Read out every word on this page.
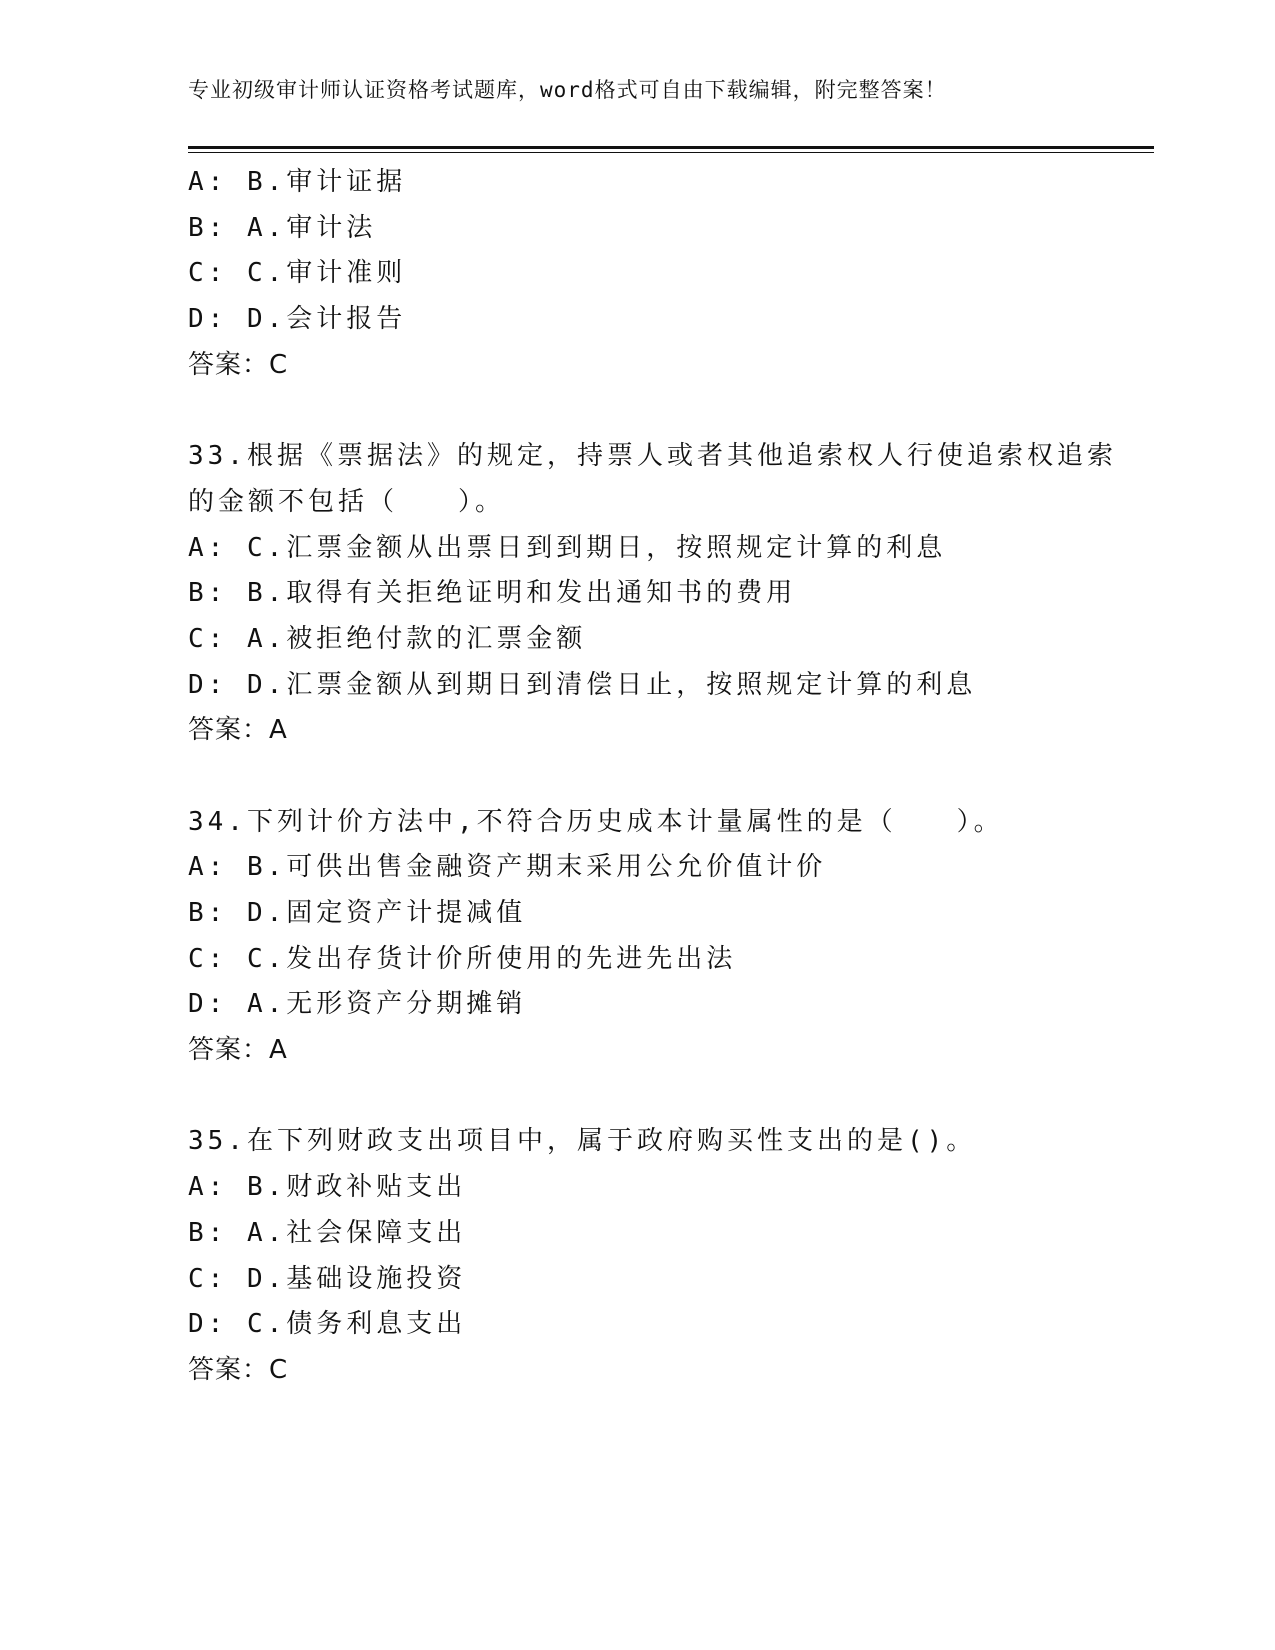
专业初级审计师认证资格考试题库，word格式可自由下载编辑，附完整答案！
A: B.审计证据
B: A.审计法
C: C.审计准则
D: D.会计报告
答案：C
33.根据《票据法》的规定，持票人或者其他追索权人行使追索权追索
的金额不包括（　　）。
A: C.汇票金额从出票日到到期日，按照规定计算的利息
B: B.取得有关拒绝证明和发出通知书的费用
C: A.被拒绝付款的汇票金额
D: D.汇票金额从到期日到清偿日止，按照规定计算的利息
答案：A
34.下列计价方法中,不符合历史成本计量属性的是（　　）。
A: B.可供出售金融资产期末采用公允价值计价
B: D.固定资产计提减值
C: C.发出存货计价所使用的先进先出法
D: A.无形资产分期摊销
答案：A
35.在下列财政支出项目中，属于政府购买性支出的是()。
A: B.财政补贴支出
B: A.社会保障支出
C: D.基础设施投资
D: C.债务利息支出
答案：C
